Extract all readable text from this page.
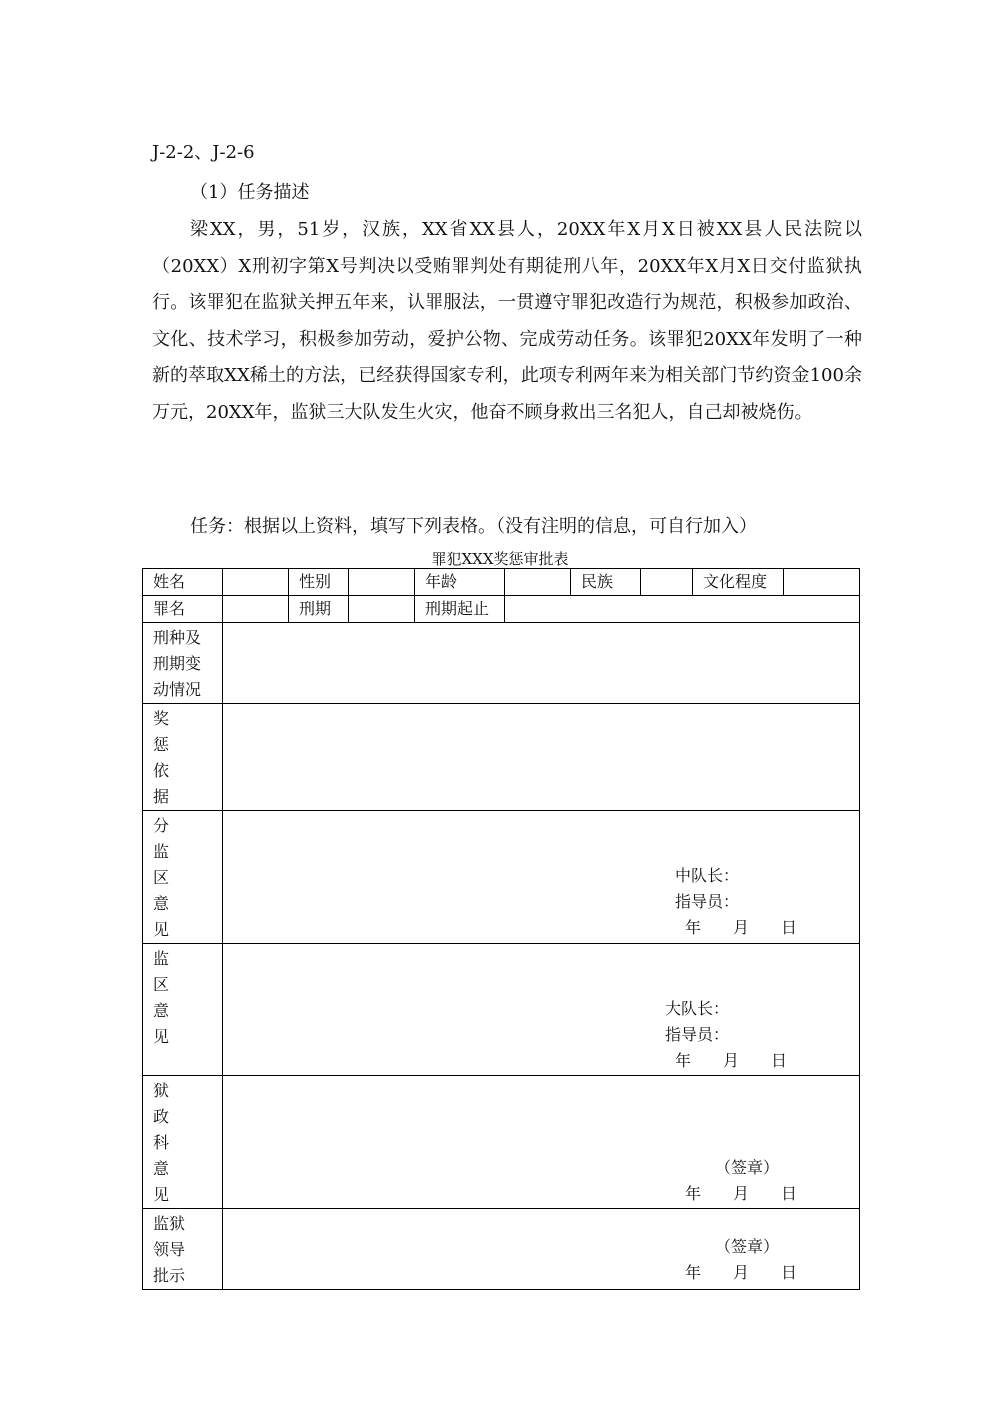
J-2-2、J-2-6
（1）任务描述
梁XX，男，51岁，汉族，XX省XX县人，20XX年X月X日被XX县人民法院以（20XX）X刑初字第X号判决以受贿罪判处有期徒刑八年，20XX年X月X日交付监狱执行。该罪犯在监狱关押五年来，认罪服法，一贯遵守罪犯改造行为规范，积极参加政治、文化、技术学习，积极参加劳动，爱护公物、完成劳动任务。该罪犯20XX年发明了一种新的萃取XX稀土的方法，已经获得国家专利，此项专利两年来为相关部门节约资金100余万元，20XX年，监狱三大队发生火灾，他奋不顾身救出三名犯人，自己却被烧伤。
任务：根据以上资料，填写下列表格。（没有注明的信息，可自行加入）
罪犯XXX奖惩审批表
姓名		性别		年龄		民族		文化程度	
罪名		刑期		刑期起止					

刑种及
刑期变
动情况									

奖
惩
依
据									

分
监
区
意
见	中队长：
指导员：
年　　月　　日								

监
区
意
见	大队长：
指导员：
年　　月　　日								

狱
政
科
意
见	（签章）
年　　月　　日								

监狱
领导
批示	（签章）
年　　月　　日								
